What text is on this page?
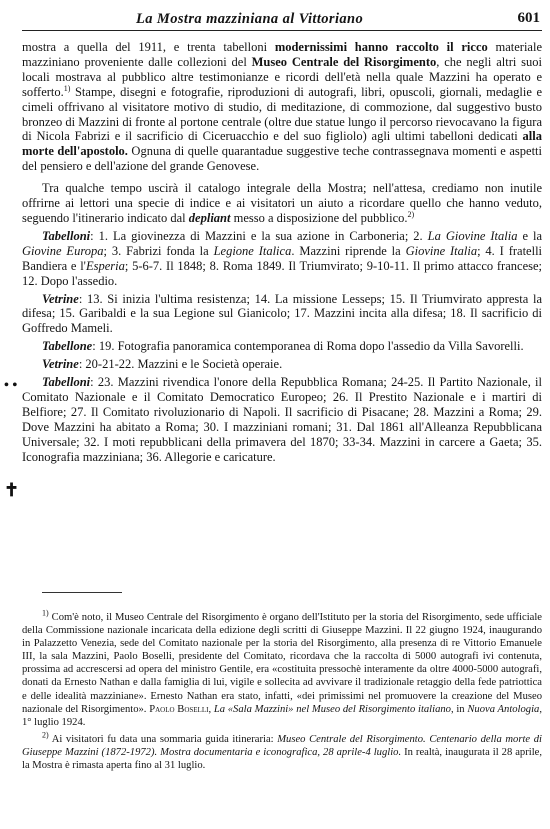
La Mostra mazziniana al Vittoriano	601

mostra a quella del 1911, e trenta tabelloni modernissimi hanno raccolto il ricco materiale mazziniano proveniente dalle collezioni del Museo Centrale del Risorgimento, che negli altri suoi locali mostrava al pubblico altre testimonianze e ricordi dell'età nella quale Mazzini ha operato e sofferto.$^{1)}$ Stampe, disegni e fotografie, riproduzioni di autografi, libri, opuscoli, giornali, medaglie e cimeli offrivano al visitatore motivo di studio, di meditazione, di commozione, dal suggestivo busto bronzeo di Mazzini di fronte al portone centrale (oltre due statue lungo il percorso rievocavano la figura di Nicola Fabrizi e il sacrificio di Ciceruacchio e del suo figliolo) agli ultimi tabelloni dedicati alla morte dell'apostolo. Ognuna di quelle quarantadue suggestive teche contrassegnava momenti e aspetti del pensiero e dell'azione del grande Genovese.

Tra qualche tempo uscirà il catalogo integrale della Mostra; nell'attesa, crediamo non inutile offrirne ai lettori una specie di indice e ai visitatori un aiuto a ricordare quello che hanno veduto, seguendo l'itinerario indicato dal depliant messo a disposizione del pubblico.$^{2)}$

Tabelloni: 1. La giovinezza di Mazzini e la sua azione in Carboneria; 2. La Giovine Italia e la Giovine Europa; 3. Fabrizi fonda la Legione Italica. Mazzini riprende la Giovine Italia; 4. I fratelli Bandiera e l'Esperia; 5-6-7. Il 1848; 8. Roma 1849. Il Triumvirato; 9-10-11. Il primo attacco francese; 12. Dopo l'assedio.

Vetrine: 13. Si inizia l'ultima resistenza; 14. La missione Lesseps; 15. Il Triumvirato appresta la difesa; 15. Garibaldi e la sua Legione sul Gianicolo; 17. Mazzini incita alla difesa; 18. Il sacrificio di Goffredo Mameli.

Tabellone: 19. Fotografia panoramica contemporanea di Roma dopo l'assedio da Villa Savorelli.

Vetrine: 20-21-22. Mazzini e le Società operaie.

Tabelloni: 23. Mazzini rivendica l'onore della Repubblica Romana; 24-25. Il Partito Nazionale, il Comitato Nazionale e il Comitato Democratico Europeo; 26. Il Prestito Nazionale e i martiri di Belfiore; 27. Il Comitato rivoluzionario di Napoli. Il sacrificio di Pisacane; 28. Mazzini a Roma; 29. Dove Mazzini ha abitato a Roma; 30. I mazziniani romani; 31. Dal 1861 all'Alleanza Repubblicana Universale; 32. I moti repubblicani della primavera del 1870; 33-34. Mazzini in carcere a Gaeta; 35. Iconografia mazziniana; 36. Allegorie e caricature.

• •
✝

$^{1)}$ Com'è noto, il Museo Centrale del Risorgimento è organo dell'Istituto per la storia del Risorgimento, sede ufficiale della Commissione nazionale incaricata della edizione degli scritti di Giuseppe Mazzini. Il 22 giugno 1924, inaugurando in Palazzetto Venezia, sede del Comitato nazionale per la storia del Risorgimento, alla presenza di re Vittorio Emanuele III, la sala Mazzini, Paolo Boselli, presidente del Comitato, ricordava che la raccolta di 5000 autografi ivi contenuta, prossima ad accrescersi ad opera del ministro Gentile, era «costituita pressochè interamente da oltre 4000-5000 autografi, donati da Ernesto Nathan e dalla famiglia di lui, vigile e sollecita ad avvivare il tradizionale retaggio della fede patriottica e delle idealità mazziniane». Ernesto Nathan era stato, infatti, «dei primissimi nel promuovere la creazione del Museo nazionale del Risorgimento». Paolo Boselli, La «Sala Mazzini» nel Museo del Risorgimento italiano, in Nuova Antologia, 1° luglio 1924.

$^{2)}$ Ai visitatori fu data una sommaria guida itineraria: Museo Centrale del Risorgimento. Centenario della morte di Giuseppe Mazzini (1872-1972). Mostra documentaria e iconografica, 28 aprile-4 luglio. In realtà, inaugurata il 28 aprile, la Mostra è rimasta aperta fino al 31 luglio.
